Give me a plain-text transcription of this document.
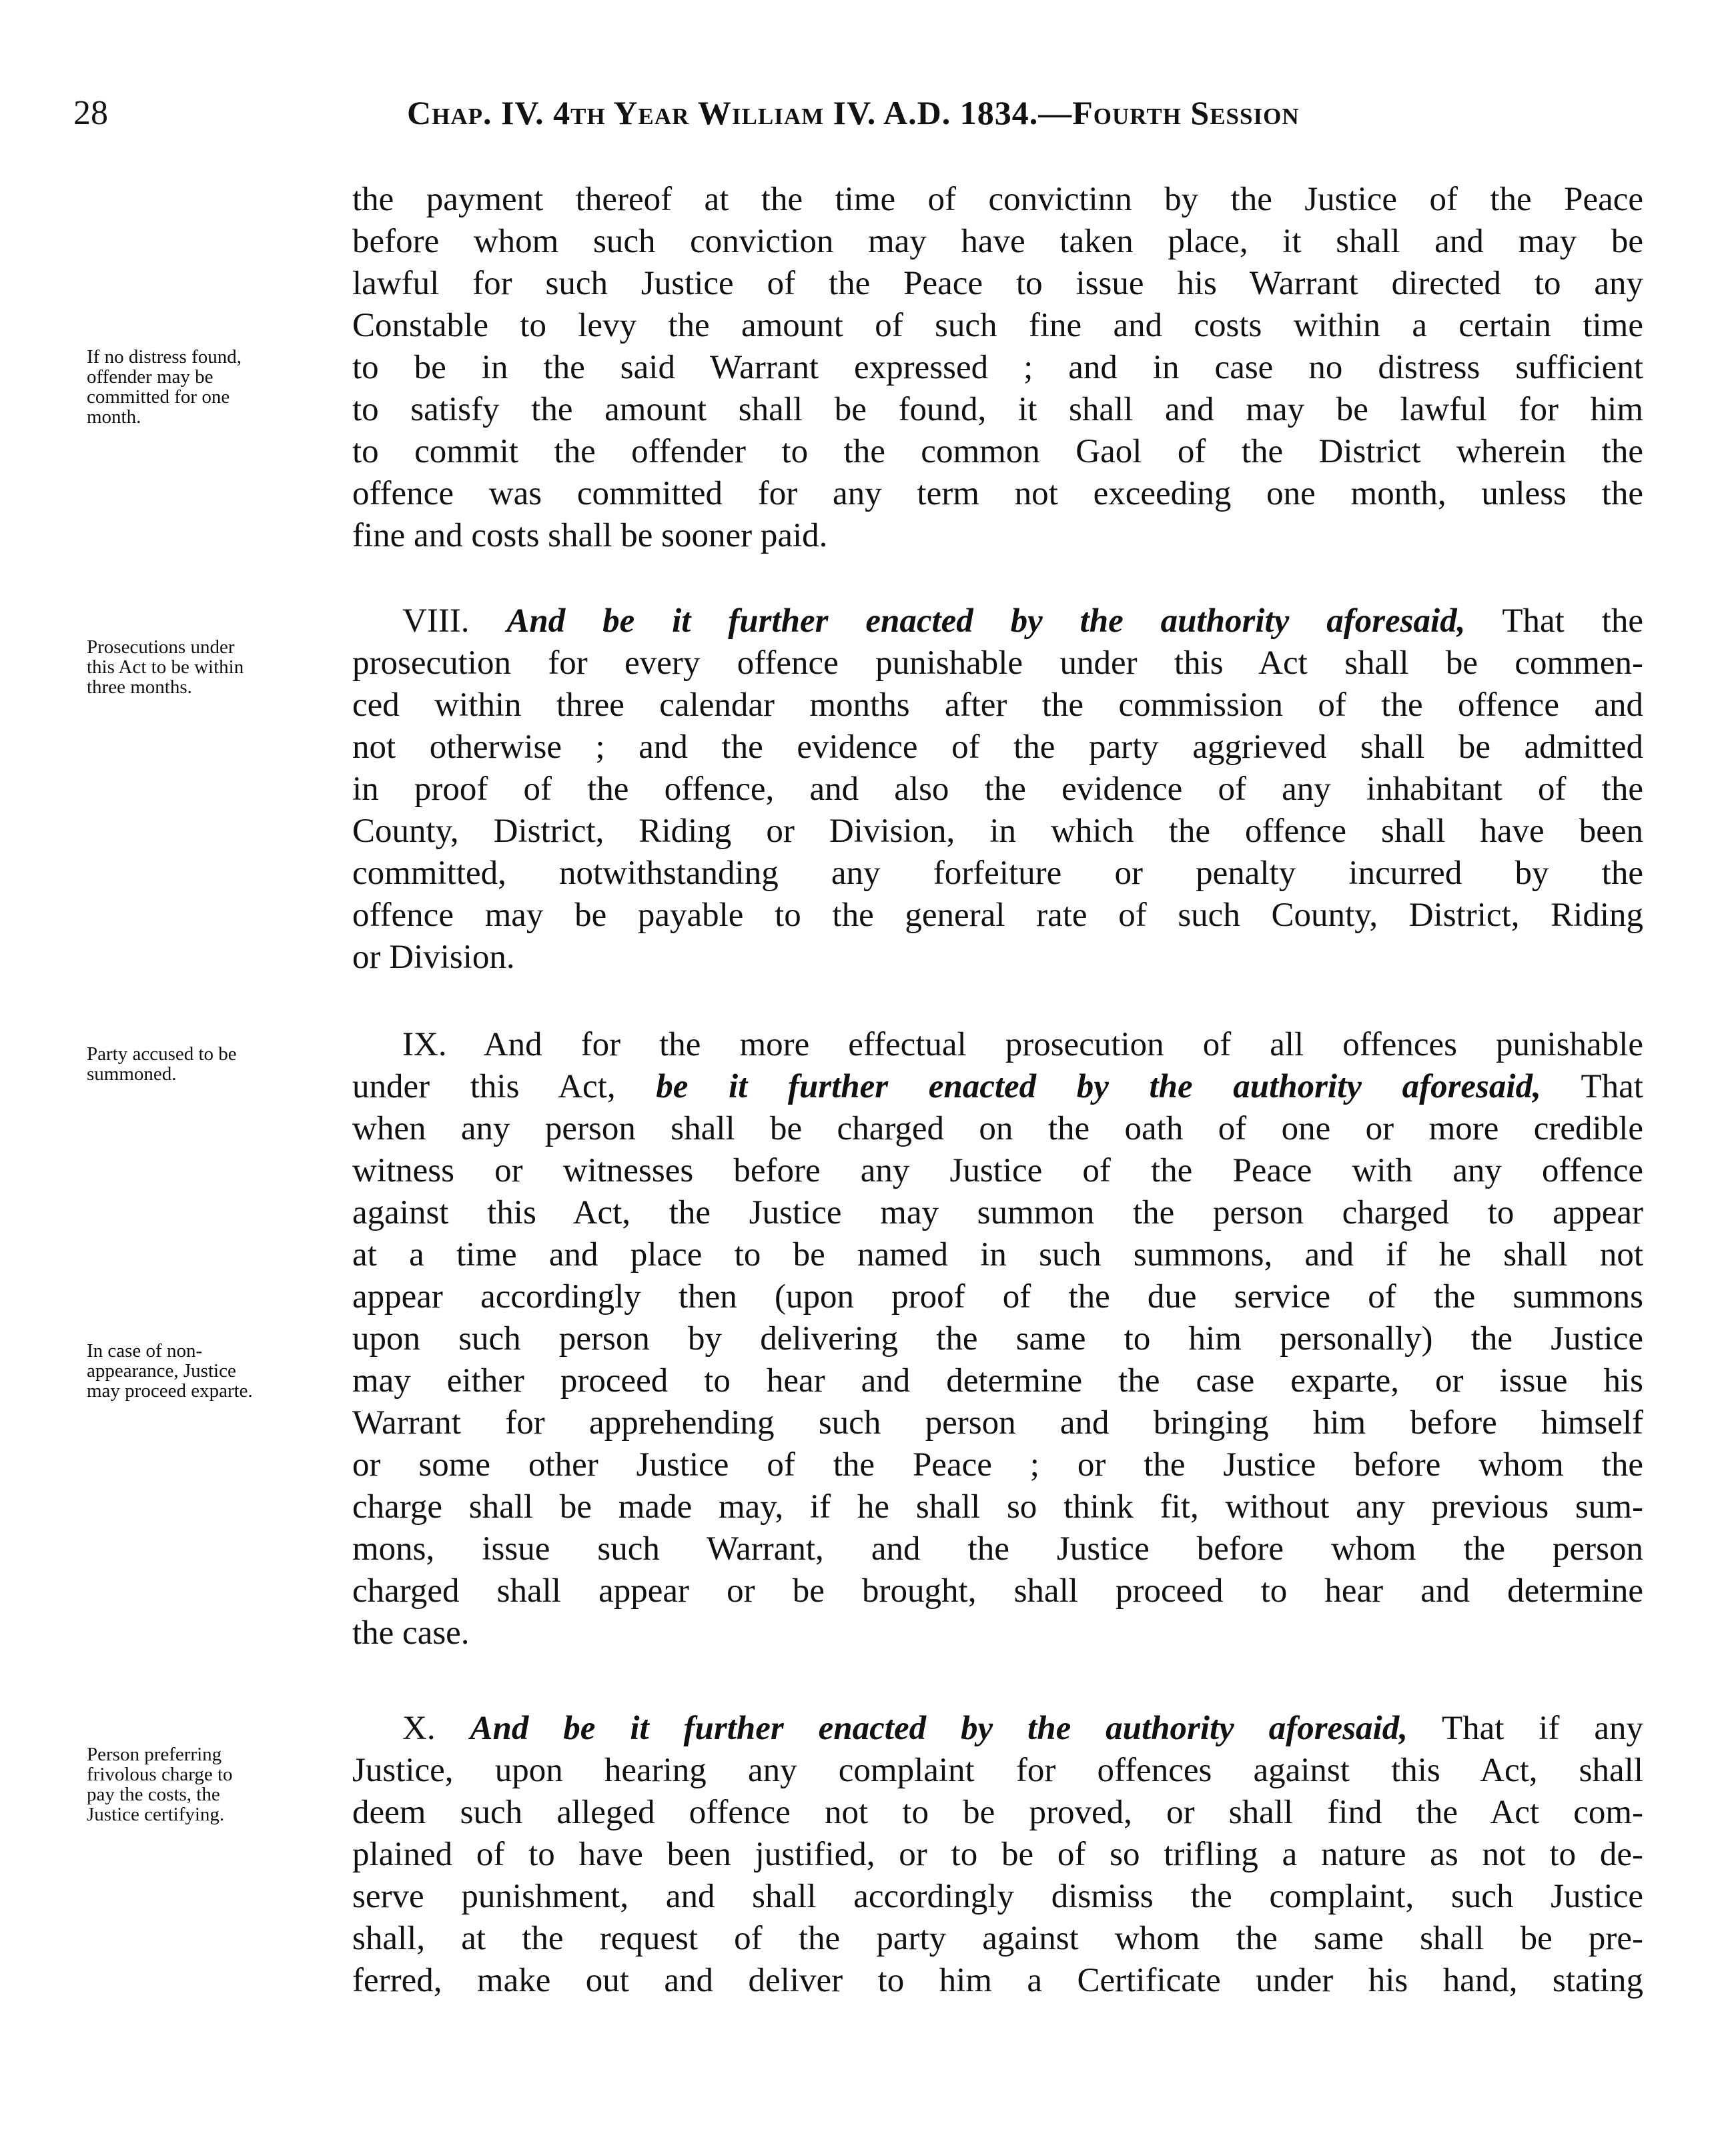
28	Chap. IV. 4th Year William IV. A.D. 1834.—Fourth Session
If no distress found,
offender may be
committed for one
month.
Prosecutions under
this Act to be within
three months.
Party accused to be
summoned.
In case of non-
appearance, Justice
may proceed exparte.
Person preferring
frivolous charge to
pay the costs, the
Justice certifying.
the payment thereof at the time of convictinn by the Justice of the Peace
before whom such conviction may have taken place, it shall and may be
lawful for such Justice of the Peace to issue his Warrant directed to any
Constable to levy the amount of such fine and costs within a certain time
to be in the said Warrant expressed ; and in case no distress sufficient
to satisfy the amount shall be found, it shall and may be lawful for him
to commit the offender to the common Gaol of the District wherein the
offence was committed for any term not exceeding one month, unless the
fine and costs shall be sooner paid.
VIII. And be it further enacted by the authority aforesaid, That the
prosecution for every offence punishable under this Act shall be commen-
ced within three calendar months after the commission of the offence and
not otherwise ; and the evidence of the party aggrieved shall be admitted
in proof of the offence, and also the evidence of any inhabitant of the
County, District, Riding or Division, in which the offence shall have been
committed, notwithstanding any forfeiture or penalty incurred by the
offence may be payable to the general rate of such County, District, Riding
or Division.
IX. And for the more effectual prosecution of all offences punishable
under this Act, be it further enacted by the authority aforesaid, That
when any person shall be charged on the oath of one or more credible
witness or witnesses before any Justice of the Peace with any offence
against this Act, the Justice may summon the person charged to appear
at a time and place to be named in such summons, and if he shall not
appear accordingly then (upon proof of the due service of the summons
upon such person by delivering the same to him personally) the Justice
may either proceed to hear and determine the case exparte, or issue his
Warrant for apprehending such person and bringing him before himself
or some other Justice of the Peace ; or the Justice before whom the
charge shall be made may, if he shall so think fit, without any previous sum-
mons, issue such Warrant, and the Justice before whom the person
charged shall appear or be brought, shall proceed to hear and determine
the case.
X. And be it further enacted by the authority aforesaid, That if any
Justice, upon hearing any complaint for offences against this Act, shall
deem such alleged offence not to be proved, or shall find the Act com-
plained of to have been justified, or to be of so trifling a nature as not to de-
serve punishment, and shall accordingly dismiss the complaint, such Justice
shall, at the request of the party against whom the same shall be pre-
ferred, make out and deliver to him a Certificate under his hand, stating
